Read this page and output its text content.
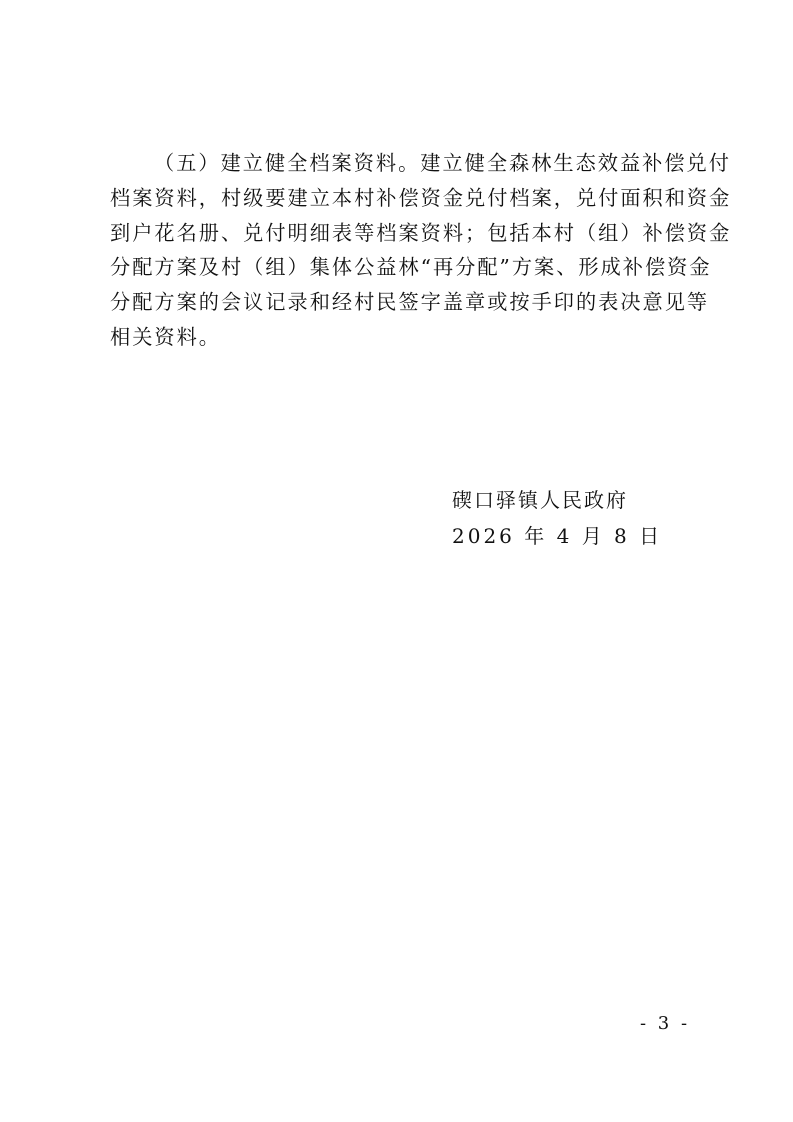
（五）建立健全档案资料。建立健全森林生态效益补偿兑付
档案资料，村级要建立本村补偿资金兑付档案，兑付面积和资金
到户花名册、兑付明细表等档案资料；包括本村（组）补偿资金
分配方案及村（组）集体公益林“再分配”方案、形成补偿资金
分配方案的会议记录和经村民签字盖章或按手印的表决意见等
相关资料。
碶口驿镇人民政府
2026 年 4 月 8 日
- 3 -
